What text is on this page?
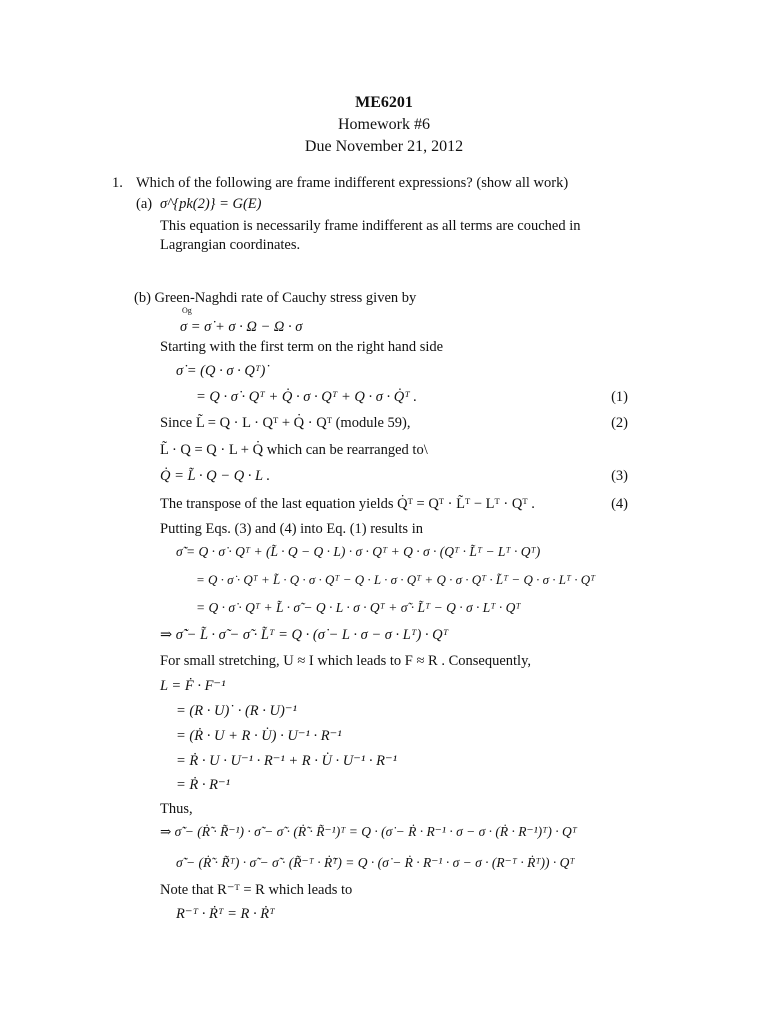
ME6201
Homework #6
Due November 21, 2012
1. Which of the following are frame indifferent expressions? (show all work)
(a) σ^{pk(2)} = G(E)
This equation is necessarily frame indifferent as all terms are couched in
Lagrangian coordinates.
(b) Green-Naghdi rate of Cauchy stress given by
Og
σ = σ̇ + σ · Ω − Ω · σ
Starting with the first term on the right hand side
σ̇ = (Q · σ · Qᵀ)˙
= Q · σ̇ · Qᵀ + Q̇ · σ · Qᵀ + Q · σ · Q̇ᵀ .	(1)
Since L̃ = Q · L · Qᵀ + Q̇ · Qᵀ (module 59),	(2)
L̃ · Q = Q · L + Q̇ which can be rearranged to\
Q̇ = L̃ · Q − Q · L .	(3)
The transpose of the last equation yields Q̇ᵀ = Qᵀ · L̃ᵀ − Lᵀ · Qᵀ .	(4)
Putting Eqs. (3) and (4) into Eq. (1) results in
σ̇̃ = Q · σ̇ · Qᵀ + (L̃ · Q − Q · L) · σ · Qᵀ + Q · σ · (Qᵀ · L̃ᵀ − Lᵀ · Qᵀ)
= Q · σ̇ · Qᵀ + L̃ · Q · σ · Qᵀ − Q · L · σ · Qᵀ + Q · σ · Qᵀ · L̃ᵀ − Q · σ · Lᵀ · Qᵀ
= Q · σ̇ · Qᵀ + L̃ · σ̃ − Q · L · σ · Qᵀ + σ̃ · L̃ᵀ − Q · σ · Lᵀ · Qᵀ
⇒ σ̇̃ − L̃ · σ̃ − σ̃ · L̃ᵀ = Q · (σ̇ − L · σ − σ · Lᵀ) · Qᵀ
For small stretching, U ≈ I which leads to F ≈ R . Consequently,
L = Ḟ · F⁻¹
= (R · U)˙ · (R · U)⁻¹
= (Ṙ · U + R · U̇) · U⁻¹ · R⁻¹
= Ṙ · U · U⁻¹ · R⁻¹ + R · U̇ · U⁻¹ · R⁻¹
= Ṙ · R⁻¹
Thus,
⇒ σ̇̃ − (Ṙ̃ · R̃⁻¹) · σ̃ − σ̃ · (Ṙ̃ · R̃⁻¹)ᵀ = Q · (σ̇ − Ṙ · R⁻¹ · σ − σ · (Ṙ · R⁻¹)ᵀ) · Qᵀ
σ̇̃ − (Ṙ̃ · R̃ᵀ) · σ̃ − σ̃ · (R̃⁻ᵀ · Ṙ̃ᵀ) = Q · (σ̇ − Ṙ · R⁻¹ · σ − σ · (R⁻ᵀ · Ṙᵀ)) · Qᵀ
Note that R⁻ᵀ = R which leads to
R⁻ᵀ · Ṙᵀ = R · Ṙᵀ
